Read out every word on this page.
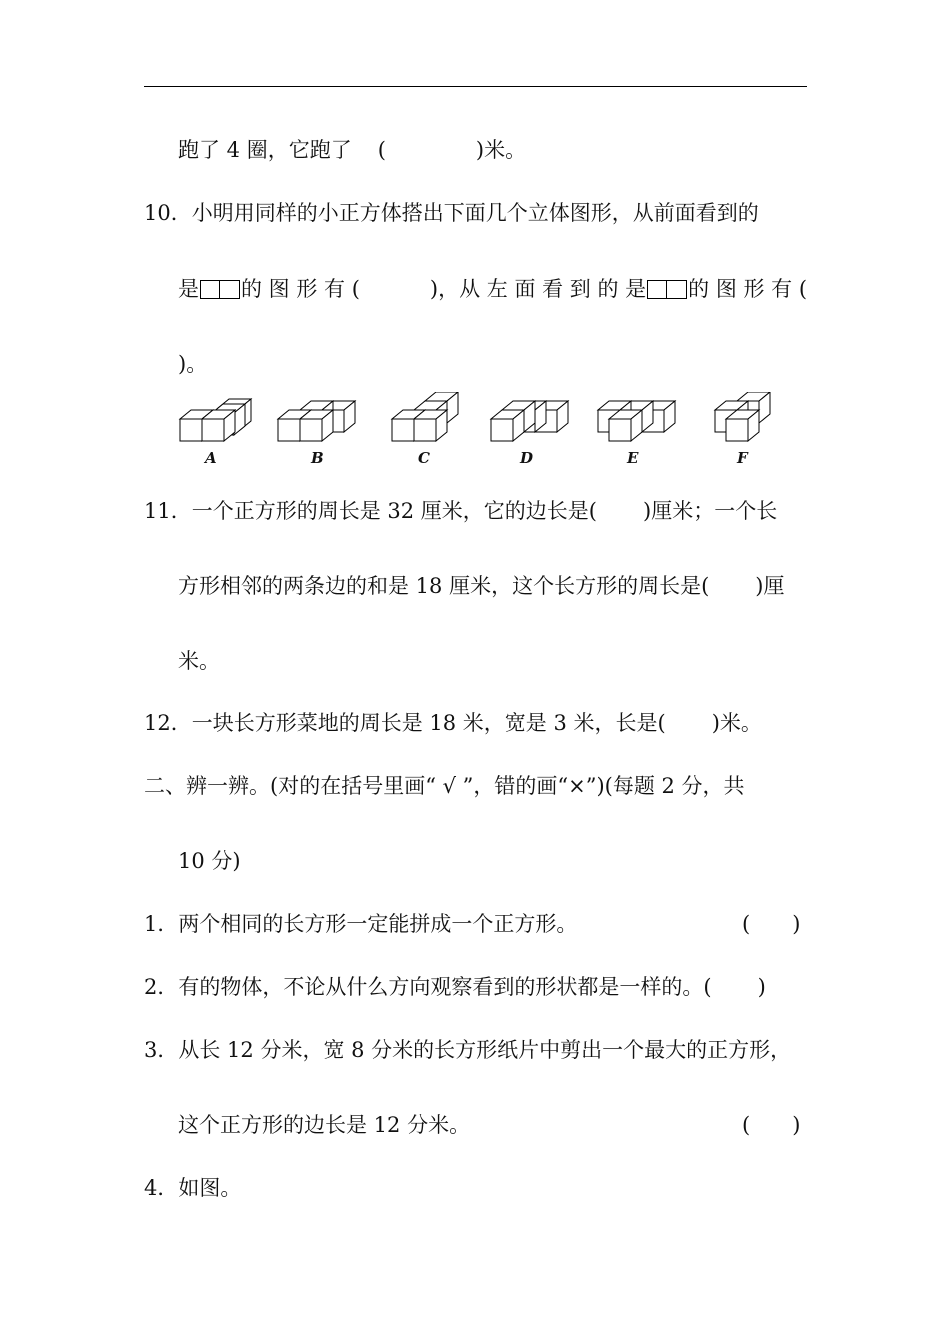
跑了 4 圈，它跑了 (	)米。
10．小明用同样的小正方体搭出下面几个立体图形，从前面看到的
是 的 图 形 有 (	)，从 左 面 看 到 的 是 的 图 形 有 (
)。
A	B	C	D	E	F
11．一个正方形的周长是 32 厘米，它的边长是( )厘米；一个长
方形相邻的两条边的和是 18 厘米，这个长方形的周长是( )厘
米。
12．一块长方形菜地的周长是 18 米，宽是 3 米，长是( )米。
二、辨一辨。(对的在括号里画“ √ ”，错的画“×”)(每题 2 分，共
10 分)
1．两个相同的长方形一定能拼成一个正方形。	(　　)
2．有的物体，不论从什么方向观察看到的形状都是一样的。( )
3．从长 12 分米，宽 8 分米的长方形纸片中剪出一个最大的正方形，
这个正方形的边长是 12 分米。	(　　)
4．如图。
